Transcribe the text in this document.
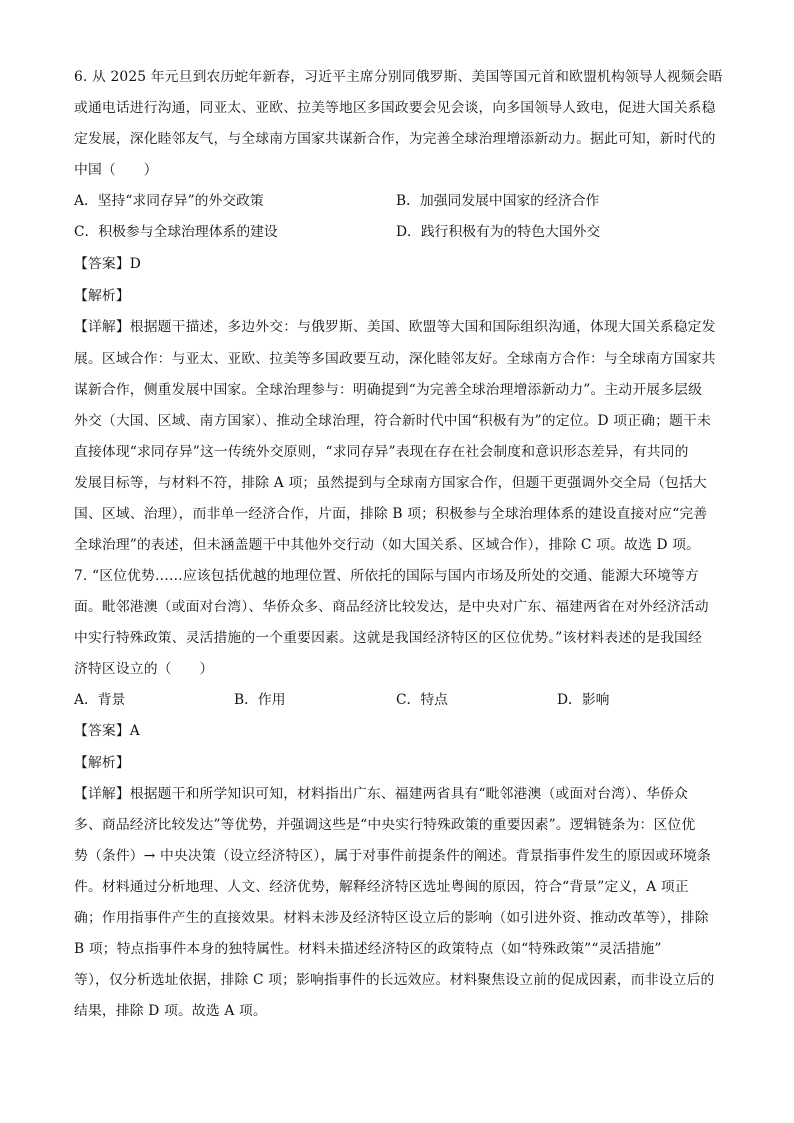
6. 从 2025 年元旦到农历蛇年新春，习近平主席分别同俄罗斯、美国等国元首和欧盟机构领导人视频会晤
或通电话进行沟通，同亚太、亚欧、拉美等地区多国政要会见会谈，向多国领导人致电，促进大国关系稳
定发展，深化睦邻友气，与全球南方国家共谋新合作，为完善全球治理增添新动力。据此可知，新时代的
中国（　　）
A．坚持“求同存异”的外交政策	B．加强同发展中国家的经济合作
C．积极参与全球治理体系的建设	D．践行积极有为的特色大国外交
【答案】D
【解析】
【详解】根据题干描述，多边外交：与俄罗斯、美国、欧盟等大国和国际组织沟通，体现大国关系稳定发
展。区域合作：与亚太、亚欧、拉美等多国政要互动，深化睦邻友好。全球南方合作：与全球南方国家共
谋新合作，侧重发展中国家。全球治理参与：明确提到“为完善全球治理增添新动力”。主动开展多层级
外交（大国、区域、南方国家）、推动全球治理，符合新时代中国“积极有为”的定位。D 项正确；题干未
直接体现“求同存异”这一传统外交原则，“求同存异”表现在存在社会制度和意识形态差异，有共同的
发展目标等，与材料不符，排除 A 项；虽然提到与全球南方国家合作，但题干更强调外交全局（包括大
国、区域、治理），而非单一经济合作，片面，排除 B 项；积极参与全球治理体系的建设直接对应“完善
全球治理”的表述，但未涵盖题干中其他外交行动（如大国关系、区域合作），排除 C 项。故选 D 项。
7. “区位优势……应该包括优越的地理位置、所依托的国际与国内市场及所处的交通、能源大环境等方
面。毗邻港澳（或面对台湾）、华侨众多、商品经济比较发达，是中央对广东、福建两省在对外经济活动
中实行特殊政策、灵活措施的一个重要因素。这就是我国经济特区的区位优势。”该材料表述的是我国经
济特区设立的（　　）
A．背景	B．作用	C．特点	D．影响
【答案】A
【解析】
【详解】根据题干和所学知识可知，材料指出广东、福建两省具有“毗邻港澳（或面对台湾）、华侨众
多、商品经济比较发达”等优势，并强调这些是“中央实行特殊政策的重要因素”。逻辑链条为：区位优
势（条件）→ 中央决策（设立经济特区），属于对事件前提条件的阐述。背景指事件发生的原因或环境条
件。材料通过分析地理、人文、经济优势，解释经济特区选址粤闽的原因，符合“背景”定义，A 项正
确；作用指事件产生的直接效果。材料未涉及经济特区设立后的影响（如引进外资、推动改革等），排除
B 项；特点指事件本身的独特属性。材料未描述经济特区的政策特点（如“特殊政策”“灵活措施”
等），仅分析选址依据，排除 C 项；影响指事件的长远效应。材料聚焦设立前的促成因素，而非设立后的
结果，排除 D 项。故选 A 项。
